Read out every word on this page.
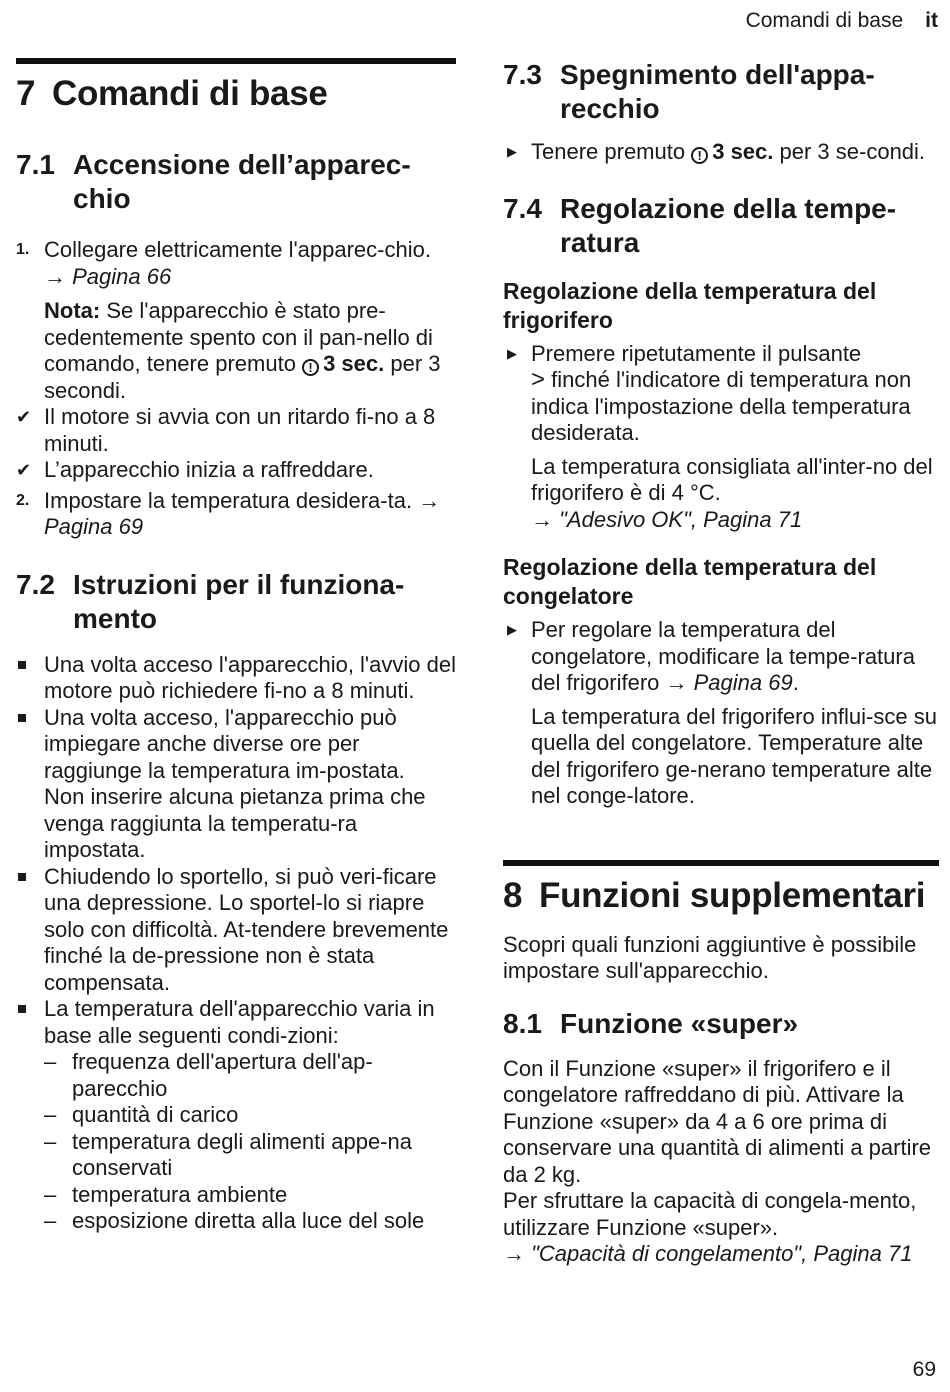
Comandi di base it
7 Comandi di base
7.1 Accensione dell’apparec-chio
1. Collegare elettricamente l'apparec-chio. → Pagina 66
Nota: Se l'apparecchio è stato pre-cedentemente spento con il pan-nello di comando, tenere premuto ! 3 sec. per 3 secondi.
✔ Il motore si avvia con un ritardo fi-no a 8 minuti.
✔ L’apparecchio inizia a raffreddare.
2. Impostare la temperatura desidera-ta. → Pagina 69
7.2 Istruzioni per il funziona-mento
Una volta acceso l'apparecchio, l'avvio del motore può richiedere fi-no a 8 minuti.
Una volta acceso, l'apparecchio può impiegare anche diverse ore per raggiunge la temperatura im-postata.
Non inserire alcuna pietanza prima che venga raggiunta la temperatu-ra impostata.
Chiudendo lo sportello, si può veri-ficare una depressione. Lo sportel-lo si riapre solo con difficoltà. At-tendere brevemente finché la de-pressione non è stata compensata.
La temperatura dell'apparecchio varia in base alle seguenti condi-zioni:
– frequenza dell'apertura dell'ap-parecchio
– quantità di carico
– temperatura degli alimenti appe-na conservati
– temperatura ambiente
– esposizione diretta alla luce del sole
7.3 Spegnimento dell'appa-recchio
▶ Tenere premuto ! 3 sec. per 3 se-condi.
7.4 Regolazione della tempe-ratura
Regolazione della temperatura del frigorifero
▶ Premere ripetutamente il pulsante
> finché l'indicatore di temperatura non indica l'impostazione della temperatura desiderata.
La temperatura consigliata all'inter-no del frigorifero è di 4 °C.
→ "Adesivo OK", Pagina 71
Regolazione della temperatura del congelatore
▶ Per regolare la temperatura del congelatore, modificare la tempe-ratura del frigorifero → Pagina 69.
La temperatura del frigorifero influi-sce su quella del congelatore. Temperature alte del frigorifero ge-nerano temperature alte nel conge-latore.
8 Funzioni supplementari
Scopri quali funzioni aggiuntive è possibile impostare sull'apparecchio.
8.1 Funzione «super»
Con il Funzione «super» il frigorifero e il congelatore raffreddano di più. Attivare la Funzione «super» da 4 a 6 ore prima di conservare una quantità di alimenti a partire da 2 kg.
Per sfruttare la capacità di congela-mento, utilizzare Funzione «super».
→ "Capacità di congelamento", Pagina 71
69
